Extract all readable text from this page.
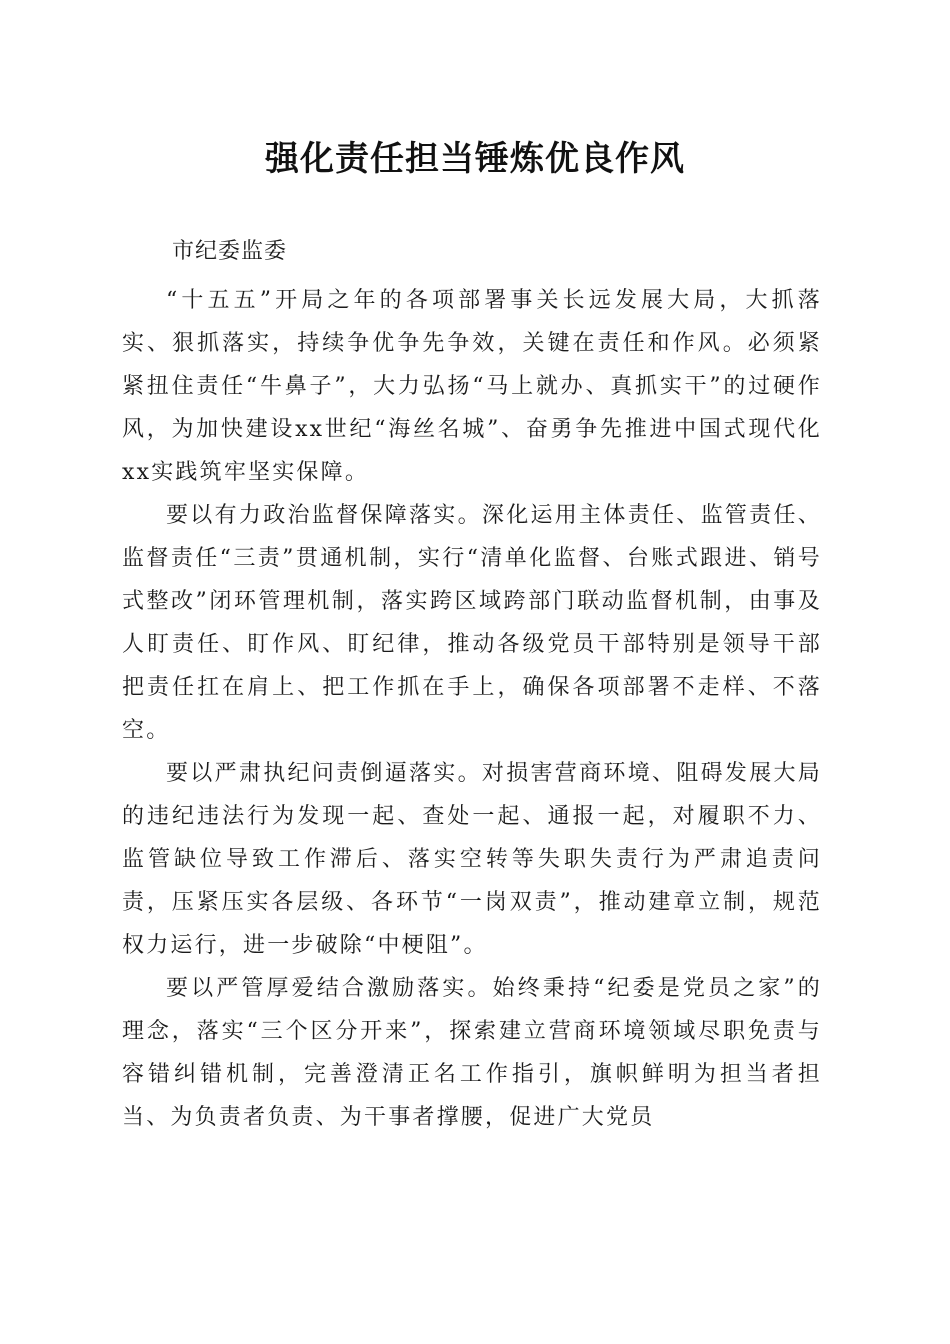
强化责任担当锤炼优良作风
市纪委监委

“十五五”开局之年的各项部署事关长远发展大局，大抓落实、狠抓落实，持续争优争先争效，关键在责任和作风。必须紧紧扭住责任“牛鼻子”，大力弘扬“马上就办、真抓实干”的过硬作风，为加快建设xx世纪“海丝名城”、奋勇争先推进中国式现代化xx实践筑牢坚实保障。

要以有力政治监督保障落实。深化运用主体责任、监管责任、监督责任“三责”贯通机制，实行“清单化监督、台账式跟进、销号式整改”闭环管理机制，落实跨区域跨部门联动监督机制，由事及人盯责任、盯作风、盯纪律，推动各级党员干部特别是领导干部把责任扛在肩上、把工作抓在手上，确保各项部署不走样、不落空。

要以严肃执纪问责倒逼落实。对损害营商环境、阻碍发展大局的违纪违法行为发现一起、查处一起、通报一起，对履职不力、监管缺位导致工作滞后、落实空转等失职失责行为严肃追责问责，压紧压实各层级、各环节“一岗双责”，推动建章立制，规范权力运行，进一步破除“中梗阻”。

要以严管厚爱结合激励落实。始终秉持“纪委是党员之家”的理念，落实“三个区分开来”，探索建立营商环境领域尽职免责与容错纠错机制，完善澄清正名工作指引，旗帜鲜明为担当者担当、为负责者负责、为干事者撑腰，促进广大党员
